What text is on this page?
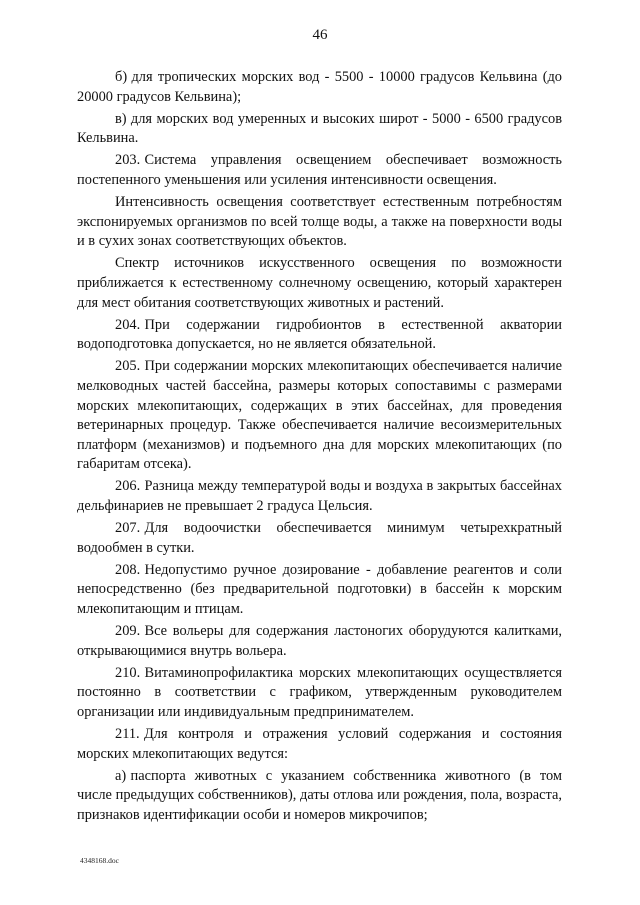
46

б) для тропических морских вод - 5500 - 10000 градусов Кельвина (до 20000 градусов Кельвина);

в) для морских вод умеренных и высоких широт - 5000 - 6500 градусов Кельвина.

203. Система управления освещением обеспечивает возможность постепенного уменьшения или усиления интенсивности освещения.

Интенсивность освещения соответствует естественным потребностям экспонируемых организмов по всей толще воды, а также на поверхности воды и в сухих зонах соответствующих объектов.

Спектр источников искусственного освещения по возможности приближается к естественному солнечному освещению, который характерен для мест обитания соответствующих животных и растений.

204. При содержании гидробионтов в естественной акватории водоподготовка допускается, но не является обязательной.

205. При содержании морских млекопитающих обеспечивается наличие мелководных частей бассейна, размеры которых сопоставимы с размерами морских млекопитающих, содержащих в этих бассейнах, для проведения ветеринарных процедур. Также обеспечивается наличие весоизмерительных платформ (механизмов) и подъемного дна для морских млекопитающих (по габаритам отсека).

206. Разница между температурой воды и воздуха в закрытых бассейнах дельфинариев не превышает 2 градуса Цельсия.

207. Для водоочистки обеспечивается минимум четырехкратный водообмен в сутки.

208. Недопустимо ручное дозирование - добавление реагентов и соли непосредственно (без предварительной подготовки) в бассейн к морским млекопитающим и птицам.

209. Все вольеры для содержания ластоногих оборудуются калитками, открывающимися внутрь вольера.

210. Витаминопрофилактика морских млекопитающих осуществляется постоянно в соответствии с графиком, утвержденным руководителем организации или индивидуальным предпринимателем.

211. Для контроля и отражения условий содержания и состояния морских млекопитающих ведутся:

а) паспорта животных с указанием собственника животного (в том числе предыдущих собственников), даты отлова или рождения, пола, возраста, признаков идентификации особи и номеров микрочипов;

4348168.doc
